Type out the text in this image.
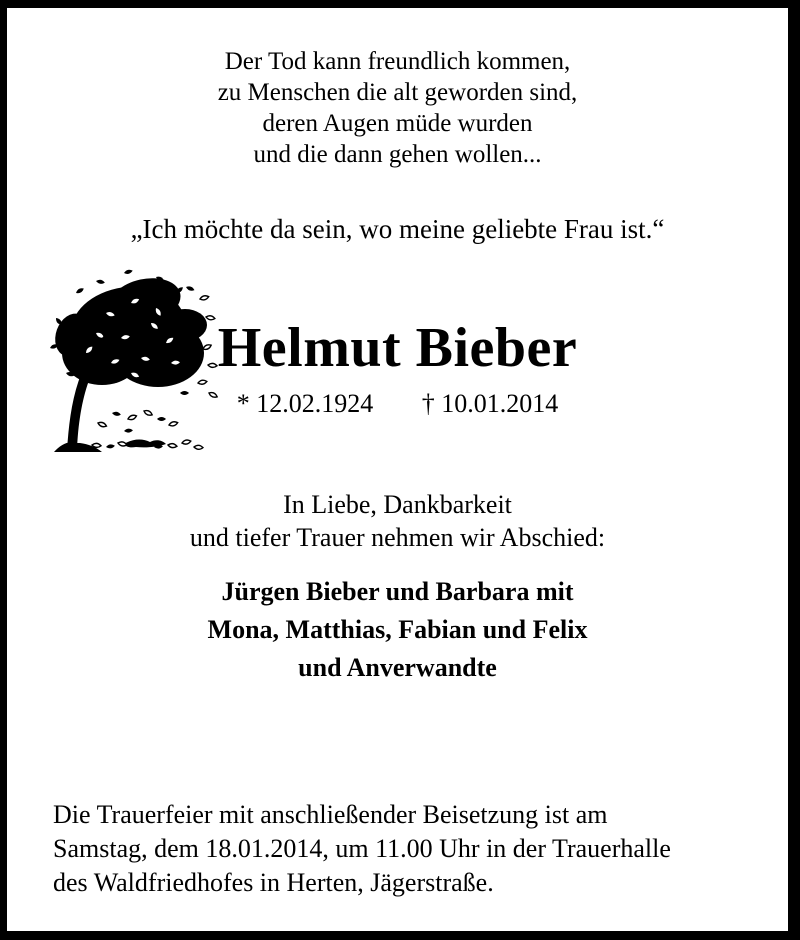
Der Tod kann freundlich kommen,
zu Menschen die alt geworden sind,
deren Augen müde wurden
und die dann gehen wollen...
„Ich möchte da sein, wo meine geliebte Frau ist.“
Helmut Bieber
* 12.02.1924 † 10.01.2014
In Liebe, Dankbarkeit
und tiefer Trauer nehmen wir Abschied:
Jürgen Bieber und Barbara mit
Mona, Matthias, Fabian und Felix
und Anverwandte
Die Trauerfeier mit anschließender Beisetzung ist am
Samstag, dem 18.01.2014, um 11.00 Uhr in der Trauerhalle
des Waldfriedhofes in Herten, Jägerstraße.
